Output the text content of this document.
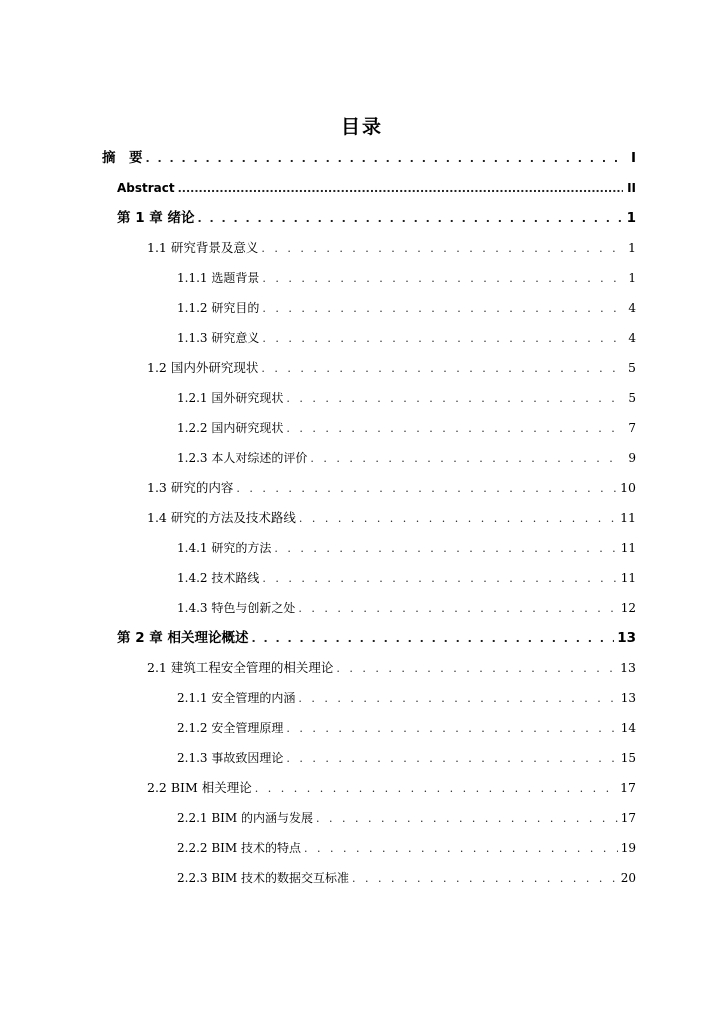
目录
摘　要 . . .	I
Abstract .....	II
第 1 章 绪论 . . .	1
1.1 研究背景及意义 . . .	1
1.1.1 选题背景 . . .	1
1.1.2 研究目的 . . .	4
1.1.3 研究意义 . . .	4
1.2 国内外研究现状 . . .	5
1.2.1 国外研究现状 . . .	5
1.2.2 国内研究现状 . . .	7
1.2.3 本人对综述的评价 . . .	9
1.3 研究的内容 . . .	10
1.4 研究的方法及技术路线 . . .	11
1.4.1 研究的方法 . . .	11
1.4.2 技术路线 . . .	11
1.4.3 特色与创新之处 . . .	12
第 2 章 相关理论概述 . . .	13
2.1 建筑工程安全管理的相关理论 . . .	13
2.1.1 安全管理的内涵 . . .	13
2.1.2 安全管理原理 . . .	14
2.1.3 事故致因理论 . . .	15
2.2 BIM 相关理论 . . .	17
2.2.1 BIM 的内涵与发展 . . .	17
2.2.2 BIM 技术的特点 . . .	19
2.2.3 BIM 技术的数据交互标准 . . .	20
